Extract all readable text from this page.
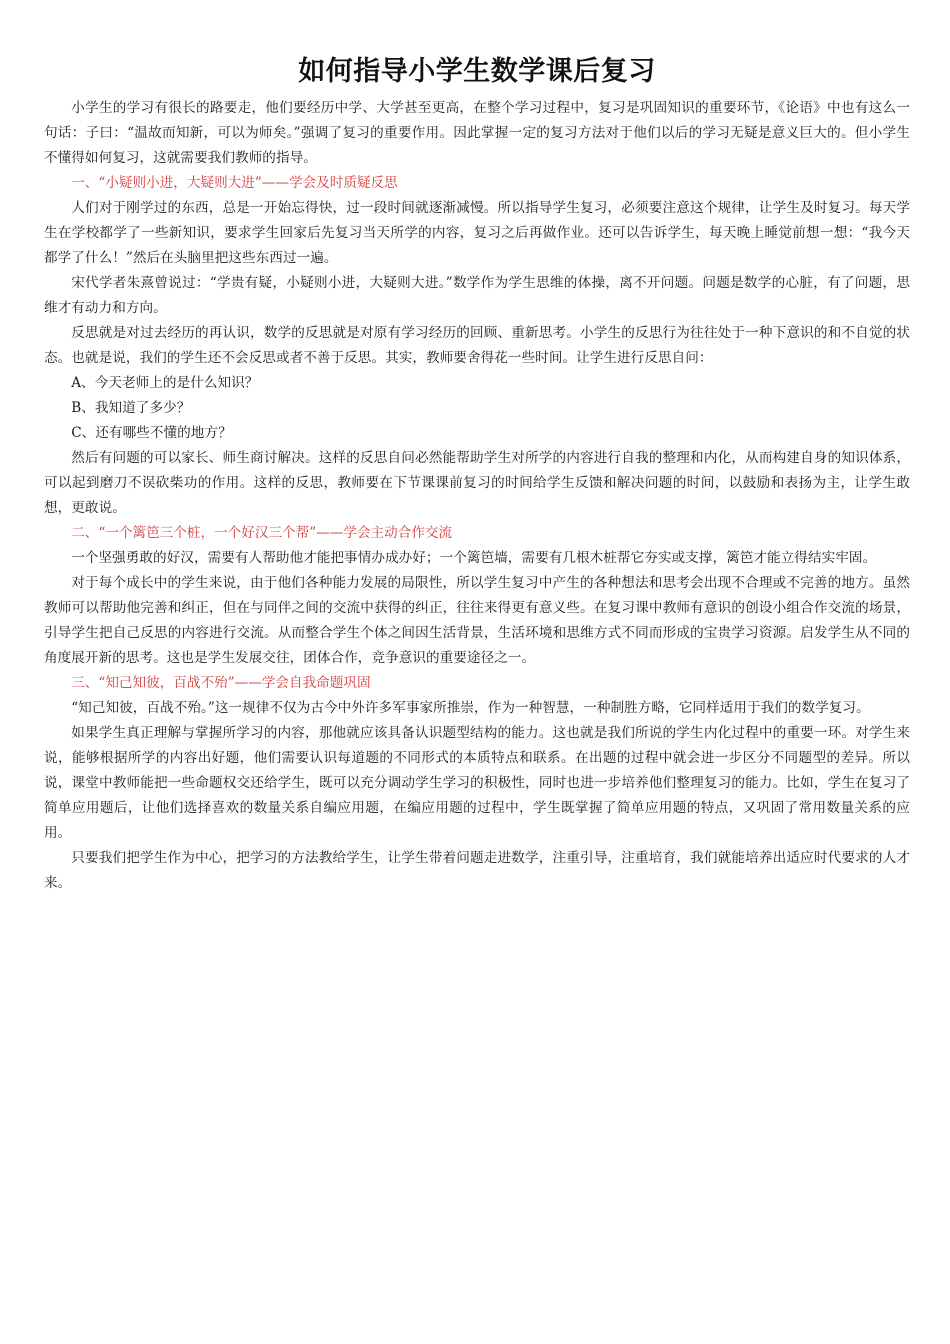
如何指导小学生数学课后复习

小学生的学习有很长的路要走，他们要经历中学、大学甚至更高，在整个学习过程中，复习是巩固知识的重要环节，《论语》中也有这么一句话：子曰：“温故而知新，可以为师矣。”强调了复习的重要作用。因此掌握一定的复习方法对于他们以后的学习无疑是意义巨大的。但小学生不懂得如何复习，这就需要我们教师的指导。

一、“小疑则小进，大疑则大进”——学会及时质疑反思

人们对于刚学过的东西，总是一开始忘得快，过一段时间就逐渐减慢。所以指导学生复习，必须要注意这个规律，让学生及时复习。每天学生在学校都学了一些新知识，要求学生回家后先复习当天所学的内容，复习之后再做作业。还可以告诉学生，每天晚上睡觉前想一想：“我今天都学了什么！”然后在头脑里把这些东西过一遍。

宋代学者朱熹曾说过：“学贵有疑，小疑则小进，大疑则大进。”数学作为学生思维的体操，离不开问题。问题是数学的心脏，有了问题，思维才有动力和方向。

反思就是对过去经历的再认识，数学的反思就是对原有学习经历的回顾、重新思考。小学生的反思行为往往处于一种下意识的和不自觉的状态。也就是说，我们的学生还不会反思或者不善于反思。其实，教师要舍得花一些时间。让学生进行反思自问：

A、今天老师上的是什么知识？

B、我知道了多少？

C、还有哪些不懂的地方？

然后有问题的可以家长、师生商讨解决。这样的反思自问必然能帮助学生对所学的内容进行自我的整理和内化，从而构建自身的知识体系，可以起到磨刀不误砍柴功的作用。这样的反思，教师要在下节课课前复习的时间给学生反馈和解决问题的时间，以鼓励和表扬为主，让学生敢想，更敢说。

二、“一个篱笆三个桩，一个好汉三个帮”——学会主动合作交流

一个坚强勇敢的好汉，需要有人帮助他才能把事情办成办好；一个篱笆墙，需要有几根木桩帮它夯实或支撑，篱笆才能立得结实牢固。

对于每个成长中的学生来说，由于他们各种能力发展的局限性，所以学生复习中产生的各种想法和思考会出现不合理或不完善的地方。虽然教师可以帮助他完善和纠正，但在与同伴之间的交流中获得的纠正，往往来得更有意义些。在复习课中教师有意识的创设小组合作交流的场景，引导学生把自己反思的内容进行交流。从而整合学生个体之间因生活背景，生活环境和思维方式不同而形成的宝贵学习资源。启发学生从不同的角度展开新的思考。这也是学生发展交往，团体合作，竞争意识的重要途径之一。

三、“知己知彼，百战不殆”——学会自我命题巩固

“知己知彼，百战不殆。”这一规律不仅为古今中外许多军事家所推崇，作为一种智慧，一种制胜方略，它同样适用于我们的数学复习。

如果学生真正理解与掌握所学习的内容，那他就应该具备认识题型结构的能力。这也就是我们所说的学生内化过程中的重要一环。对学生来说，能够根据所学的内容出好题，他们需要认识每道题的不同形式的本质特点和联系。在出题的过程中就会进一步区分不同题型的差异。所以说，课堂中教师能把一些命题权交还给学生，既可以充分调动学生学习的积极性，同时也进一步培养他们整理复习的能力。比如，学生在复习了简单应用题后，让他们选择喜欢的数量关系自编应用题，在编应用题的过程中，学生既掌握了简单应用题的特点，又巩固了常用数量关系的应用。

只要我们把学生作为中心，把学习的方法教给学生，让学生带着问题走进数学，注重引导，注重培育，我们就能培养出适应时代要求的人才来。
